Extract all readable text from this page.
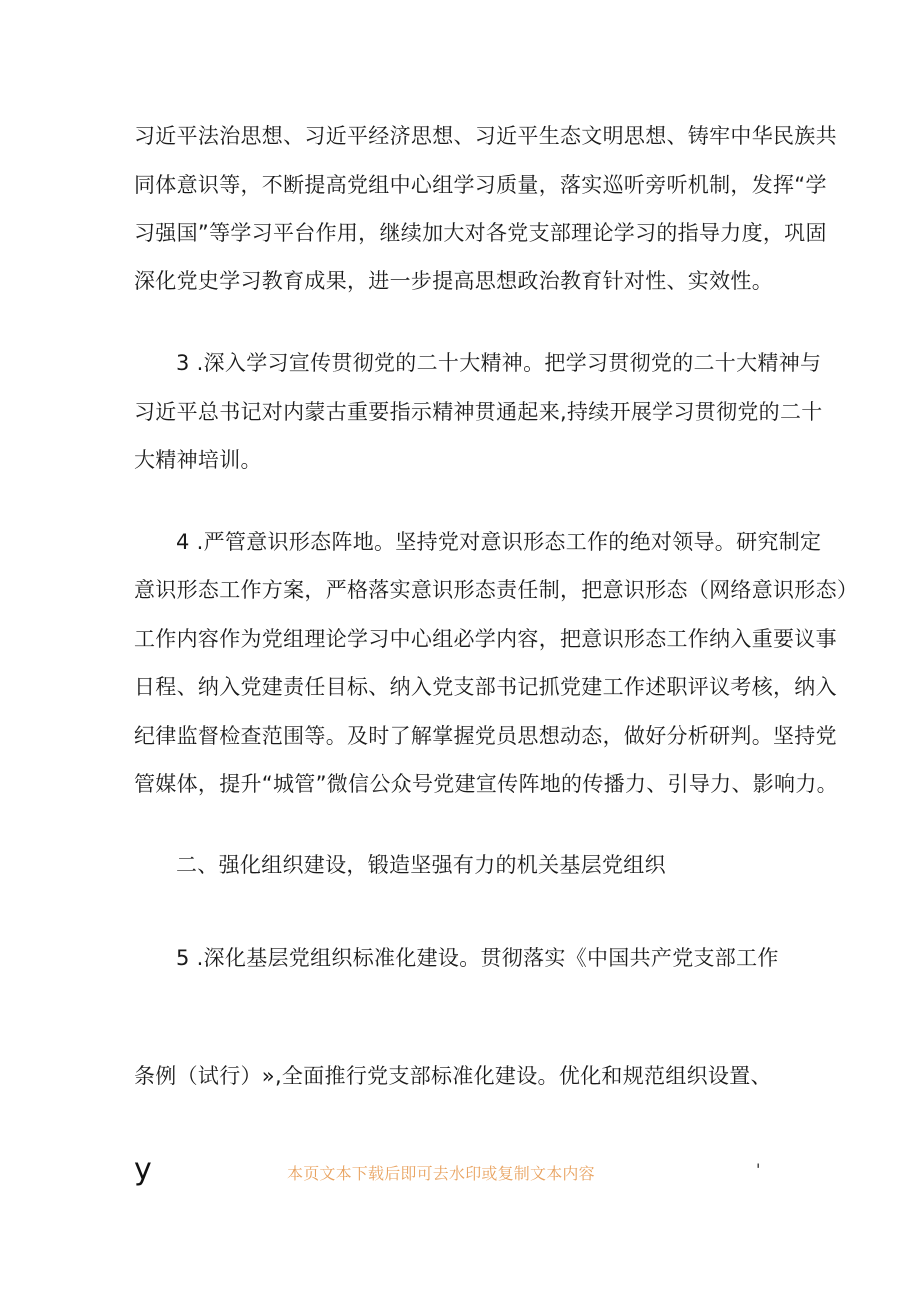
习近平法治思想、习近平经济思想、习近平生态文明思想、铸牢中华民族共
同体意识等，不断提高党组中心组学习质量，落实巡听旁听机制，发挥“学
习强国”等学习平台作用，继续加大对各党支部理论学习的指导力度，巩固
深化党史学习教育成果，进一步提高思想政治教育针对性、实效性。
3 .深入学习宣传贯彻党的二十大精神。把学习贯彻党的二十大精神与
习近平总书记对内蒙古重要指示精神贯通起来,持续开展学习贯彻党的二十
大精神培训。
4 .严管意识形态阵地。坚持党对意识形态工作的绝对领导。研究制定
意识形态工作方案，严格落实意识形态责任制，把意识形态（网络意识形态）
工作内容作为党组理论学习中心组必学内容，把意识形态工作纳入重要议事
日程、纳入党建责任目标、纳入党支部书记抓党建工作述职评议考核，纳入
纪律监督检查范围等。及时了解掌握党员思想动态，做好分析研判。坚持党
管媒体，提升“城管”微信公众号党建宣传阵地的传播力、引导力、影响力。
二、强化组织建设，锻造坚强有力的机关基层党组织
5 .深化基层党组织标准化建设。贯彻落实《中国共产党支部工作
条例（试行）»,全面推行党支部标准化建设。优化和规范组织设置、
y	本页文本下载后即可去水印或复制文本内容	'
